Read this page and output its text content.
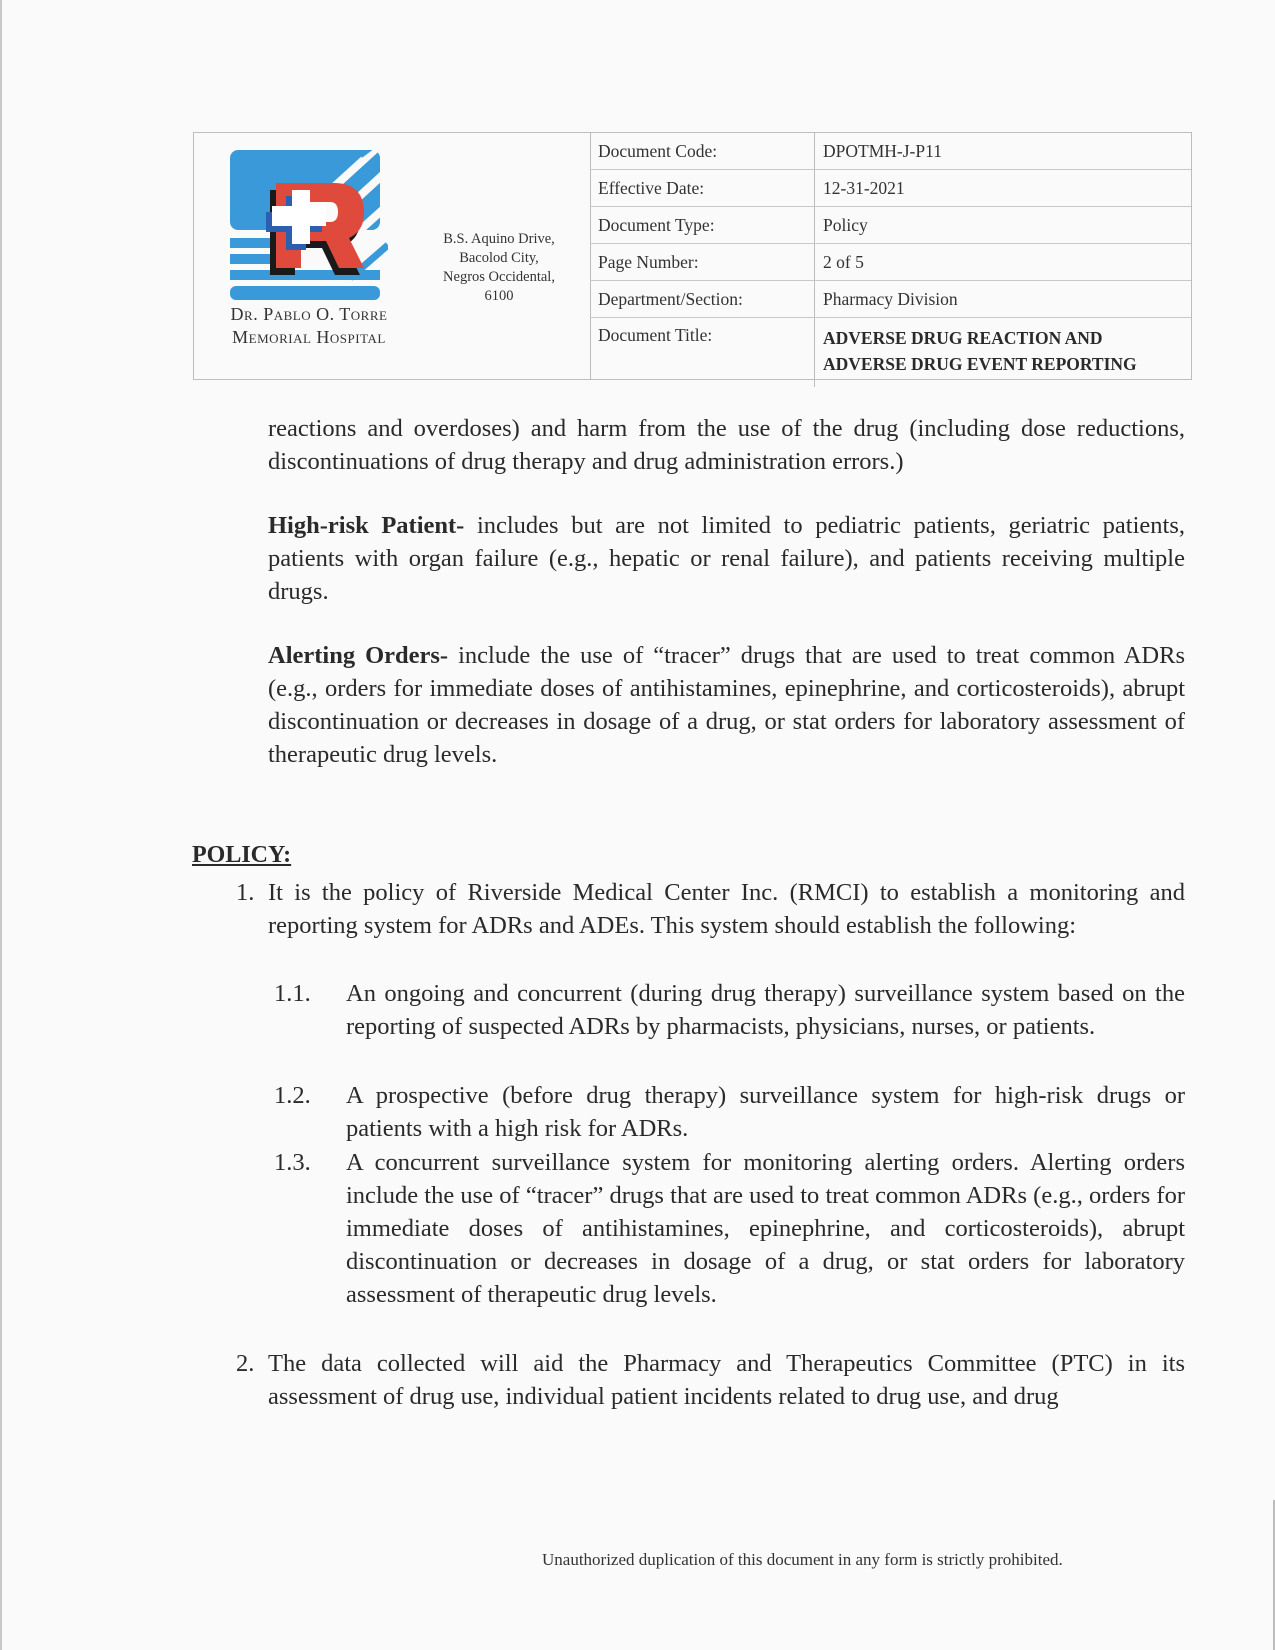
Dr. Pablo O. Torre
Memorial Hospital
B.S. Aquino Drive,
Bacolod City,
Negros Occidental,
6100
Document Code:	DPOTMH-J-P11
Effective Date:	12-31-2021
Document Type:	Policy
Page Number:	2 of 5
Department/Section:	Pharmacy Division
Document Title:	ADVERSE DRUG REACTION AND
ADVERSE DRUG EVENT REPORTING

reactions and overdoses) and harm from the use of the drug (including dose reductions, discontinuations of drug therapy and drug administration errors.)

High-risk Patient- includes but are not limited to pediatric patients, geriatric patients, patients with organ failure (e.g., hepatic or renal failure), and patients receiving multiple drugs.

Alerting Orders- include the use of “tracer” drugs that are used to treat common ADRs (e.g., orders for immediate doses of antihistamines, epinephrine, and corticosteroids), abrupt discontinuation or decreases in dosage of a drug, or stat orders for laboratory assessment of therapeutic drug levels.

POLICY:
1. It is the policy of Riverside Medical Center Inc. (RMCI) to establish a monitoring and reporting system for ADRs and ADEs. This system should establish the following:
1.1. An ongoing and concurrent (during drug therapy) surveillance system based on the reporting of suspected ADRs by pharmacists, physicians, nurses, or patients.
1.2. A prospective (before drug therapy) surveillance system for high-risk drugs or patients with a high risk for ADRs.
1.3. A concurrent surveillance system for monitoring alerting orders. Alerting orders include the use of “tracer” drugs that are used to treat common ADRs (e.g., orders for immediate doses of antihistamines, epinephrine, and corticosteroids), abrupt discontinuation or decreases in dosage of a drug, or stat orders for laboratory assessment of therapeutic drug levels.
2. The data collected will aid the Pharmacy and Therapeutics Committee (PTC) in its assessment of drug use, individual patient incidents related to drug use, and drug
Unauthorized duplication of this document in any form is strictly prohibited.
